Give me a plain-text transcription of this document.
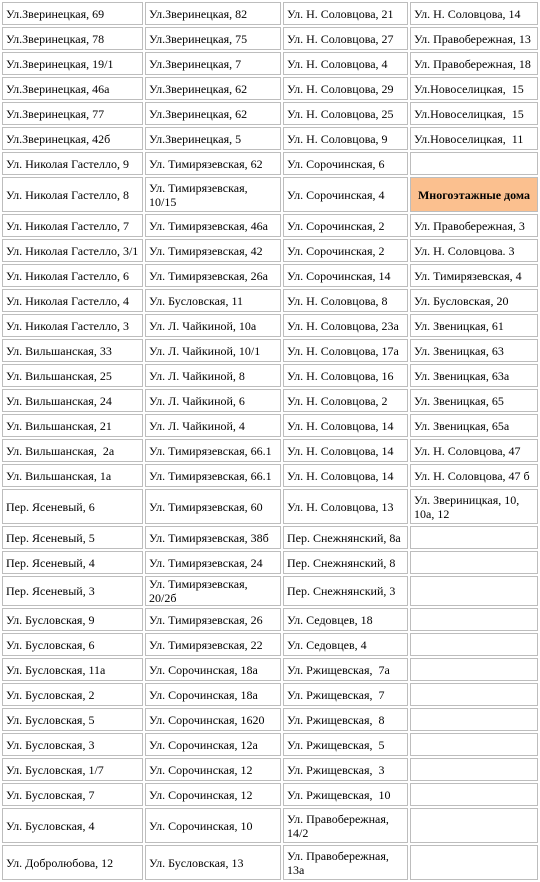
Ул.Зверинецкая, 69	Ул.Зверинецкая, 82	Ул. Н. Соловцова, 21	Ул. Н. Соловцова, 14
Ул.Зверинецкая, 78	Ул.Зверинецкая, 75	Ул. Н. Соловцова, 27	Ул. Правобережная, 13
Ул.Зверинецкая, 19/1	Ул.Зверинецкая, 7	Ул. Н. Соловцова, 4	Ул. Правобережная, 18
Ул.Зверинецкая, 46а	Ул.Зверинецкая, 62	Ул. Н. Соловцова, 29	Ул.Новоселицкая,  15
Ул.Зверинецкая, 77	Ул.Зверинецкая, 62	Ул. Н. Соловцова, 25	Ул.Новоселицкая,  15
Ул.Зверинецкая, 42б	Ул.Зверинецкая, 5	Ул. Н. Соловцова, 9	Ул.Новоселицкая,  11
Ул. Николая Гастелло, 9	Ул. Тимирязевская, 62	Ул. Сорочинская, 6	
Ул. Николая Гастелло, 8	Ул. Тимирязевская, 10/15	Ул. Сорочинская, 4	Многоэтажные дома
Ул. Николая Гастелло, 7	Ул. Тимирязевская, 46а	Ул. Сорочинская, 2	Ул. Правобережная, 3
Ул. Николая Гастелло, 3/1	Ул. Тимирязевская, 42	Ул. Сорочинская, 2	Ул. Н. Соловцова. 3
Ул. Николая Гастелло, 6	Ул. Тимирязевская, 26а	Ул. Сорочинская, 14	Ул. Тимирязевская, 4
Ул. Николая Гастелло, 4	Ул. Бусловская, 11	Ул. Н. Соловцова, 8	Ул. Бусловская, 20
Ул. Николая Гастелло, 3	Ул. Л. Чайкиной, 10а	Ул. Н. Соловцова, 23а	Ул. Звеницкая, 61
Ул. Вильшанская, 33	Ул. Л. Чайкиной, 10/1	Ул. Н. Соловцова, 17а	Ул. Звеницкая, 63
Ул. Вильшанская, 25	Ул. Л. Чайкиной, 8	Ул. Н. Соловцова, 16	Ул. Звеницкая, 63а
Ул. Вильшанская, 24	Ул. Л. Чайкиной, 6	Ул. Н. Соловцова, 2	Ул. Звеницкая, 65
Ул. Вильшанская, 21	Ул. Л. Чайкиной, 4	Ул. Н. Соловцова, 14	Ул. Звеницкая, 65а
Ул. Вильшанская,  2а	Ул. Тимирязевская, 66.1	Ул. Н. Соловцова, 14	Ул. Н. Соловцова, 47
Ул. Вильшанская, 1а	Ул. Тимирязевская, 66.1	Ул. Н. Соловцова, 14	Ул. Н. Соловцова, 47 б
Пер. Ясеневый, 6	Ул. Тимирязевская, 60	Ул. Н. Соловцова, 13	Ул. Звериницкая, 10, 10а, 12
Пер. Ясеневый, 5	Ул. Тимирязевская, 38б	Пер. Снежнянский, 8а	
Пер. Ясеневый, 4	Ул. Тимирязевская, 24	Пер. Снежнянский, 8	
Пер. Ясеневый, 3	Ул. Тимирязевская, 20/2б	Пер. Снежнянский, 3	
Ул. Бусловская, 9	Ул. Тимирязевская, 26	Ул. Седовцев, 18	
Ул. Бусловская, 6	Ул. Тимирязевская, 22	Ул. Седовцев, 4	
Ул. Бусловская, 11а	Ул. Сорочинская, 18а	Ул. Ржищевская,  7а	
Ул. Бусловская, 2	Ул. Сорочинская, 18а	Ул. Ржищевская,  7	
Ул. Бусловская, 5	Ул. Сорочинская, 1620	Ул. Ржищевская,  8	
Ул. Бусловская, 3	Ул. Сорочинская, 12а	Ул. Ржищевская,  5	
Ул. Бусловская, 1/7	Ул. Сорочинская, 12	Ул. Ржищевская,  3	
Ул. Бусловская, 7	Ул. Сорочинская, 12	Ул. Ржищевская,  10	
Ул. Бусловская, 4	Ул. Сорочинская, 10	Ул. Правобережная, 14/2	
Ул. Добролюбова, 12	Ул. Бусловская, 13	Ул. Правобережная, 13а	
